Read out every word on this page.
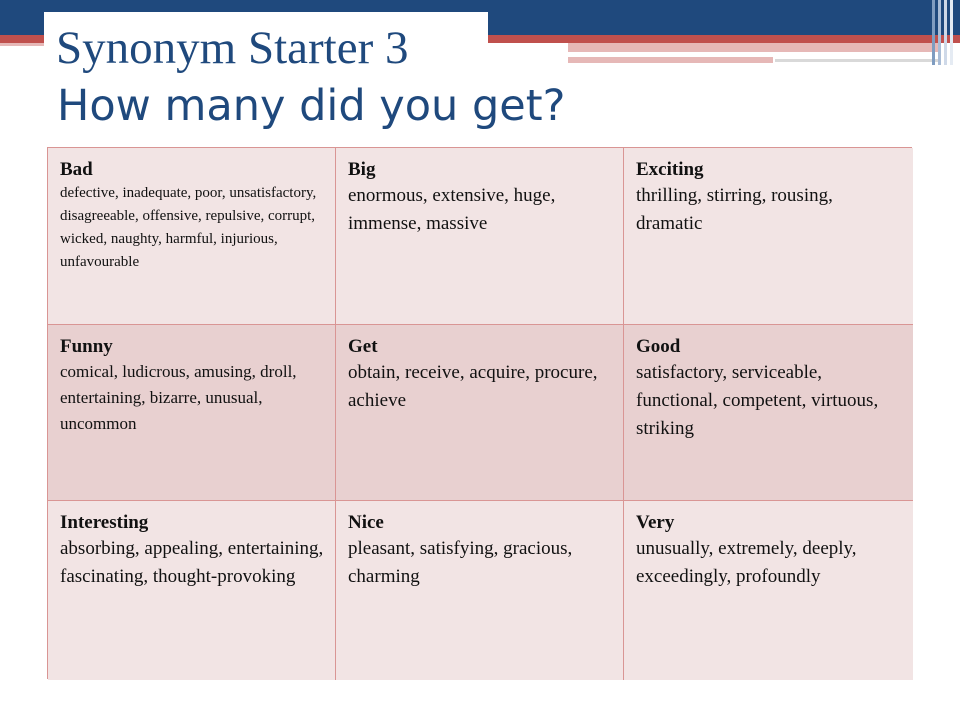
Synonym Starter 3
How many did you get?
Bad
defective, inadequate, poor, unsatisfactory, disagreeable, offensive, repulsive, corrupt, wicked, naughty, harmful, injurious, unfavourable
Big
enormous, extensive, huge, immense, massive
Exciting
thrilling, stirring, rousing, dramatic
Funny
comical, ludicrous, amusing, droll, entertaining, bizarre, unusual, uncommon
Get
obtain, receive, acquire, procure, achieve
Good
satisfactory, serviceable, functional, competent, virtuous, striking
Interesting
absorbing, appealing, entertaining, fascinating, thought-provoking
Nice
pleasant, satisfying, gracious, charming
Very
unusually, extremely, deeply, exceedingly, profoundly
